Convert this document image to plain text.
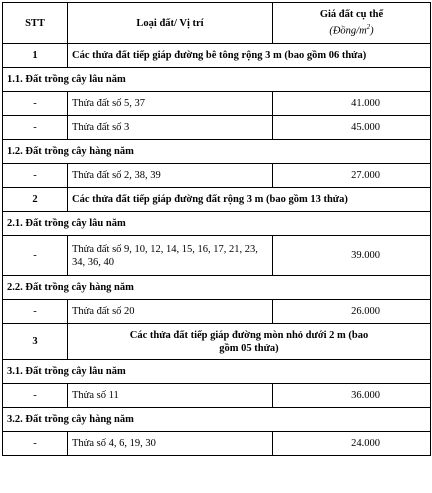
STT	Loại đất/ Vị trí	Giá đất cụ thể
$(Đồng/m^2)$

1	Các thửa đất tiếp giáp đường bê tông rộng 3 m (bao gồm 06 thửa)	
1.1. Đất trồng cây lâu năm		
-	Thửa đất số 5, 37	41.000
-	Thửa đất số 3	45.000
1.2. Đất trồng cây hàng năm		
-	Thửa đất số 2, 38, 39	27.000
2	Các thửa đất tiếp giáp đường đất rộng 3 m (bao gồm 13 thửa)	
2.1. Đất trồng cây lâu năm		
-	Thửa đất số 9, 10, 12, 14, 15, 16, 17, 21, 23, 34, 36, 40	39.000
2.2. Đất trồng cây hàng năm		
-	Thửa đất số 20	26.000
3	Các thửa đất tiếp giáp đường mòn nhỏ dưới 2 m (bao gồm 05 thửa)	
3.1. Đất trồng cây lâu năm		
-	Thửa số 11	36.000
3.2. Đất trồng cây hàng năm		
-	Thửa số 4, 6, 19, 30	24.000
